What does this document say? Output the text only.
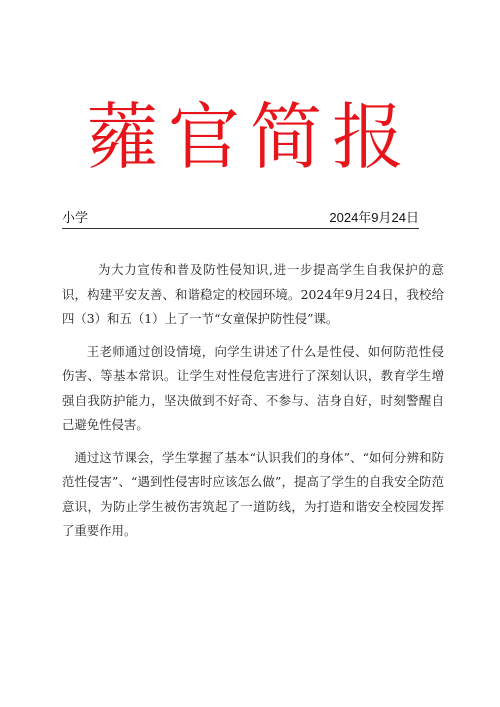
蕹官简报
小学	2024年9月24日

为大力宣传和普及防性侵知识,进一步提高学生自我保护的意识，构建平安友善、和谐稳定的校园环境。2024年9月24日，我校给四（3）和五（1）上了一节“女童保护防性侵”课。

王老师通过创设情境，向学生讲述了什么是性侵、如何防范性侵伤害、等基本常识。让学生对性侵危害进行了深刻认识，教育学生增强自我防护能力，坚决做到不好奇、不参与、洁身自好，时刻警醒自己避免性侵害。

通过这节课会，学生掌握了基本“认识我们的身体”、“如何分辨和防范性侵害”、“遇到性侵害时应该怎么做”，提高了学生的自我安全防范意识，为防止学生被伤害筑起了一道防线，为打造和谐安全校园发挥了重要作用。
